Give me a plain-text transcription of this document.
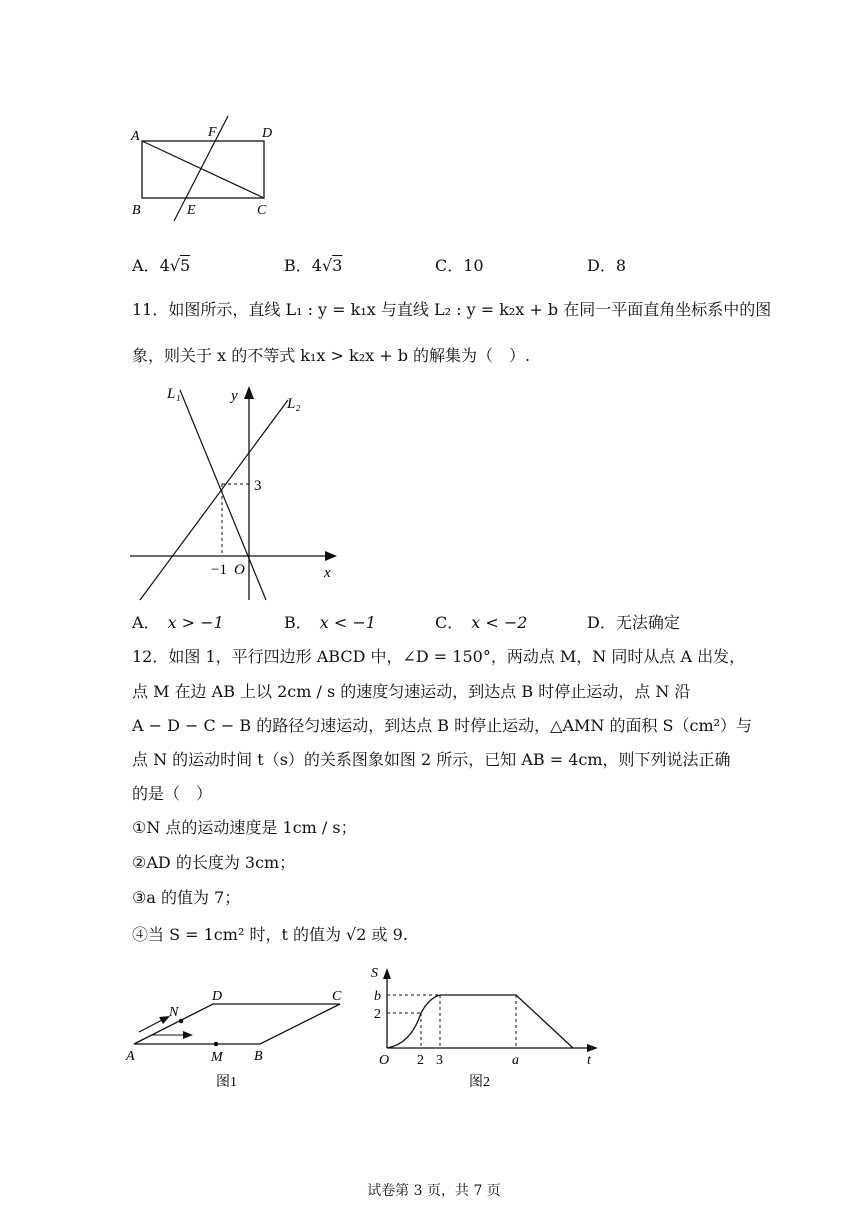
A	F	D
B	E	C
A．4√5	B．4√3	C．10	D．8
11．如图所示，直线 L₁ : y = k₁x 与直线 L₂ : y = k₂x + b 在同一平面直角坐标系中的图
象，则关于 x 的不等式 k₁x > k₂x + b 的解集为（　）.
L₁	y	L₂
3
−1 O	x
A． x > −1	B． x < −1	C． x < −2	D．无法确定
12．如图 1，平行四边形 ABCD 中，∠D = 150°，两动点 M，N 同时从点 A 出发，
点 M 在边 AB 上以 2cm / s 的速度匀速运动，到达点 B 时停止运动，点 N 沿
A − D − C − B 的路径匀速运动，到达点 B 时停止运动，△AMN 的面积 S（cm²）与
点 N 的运动时间 t（s）的关系图象如图 2 所示，已知 AB = 4cm，则下列说法正确
的是（　）
①N 点的运动速度是 1cm / s；
②AD 的长度为 3cm；
③a 的值为 7；
④当 S = 1cm² 时，t 的值为 √2 或 9.
A	M B
N
D	C
图1
S
b
2
O 2 3	a	t
图2
试卷第 3 页，共 7 页
